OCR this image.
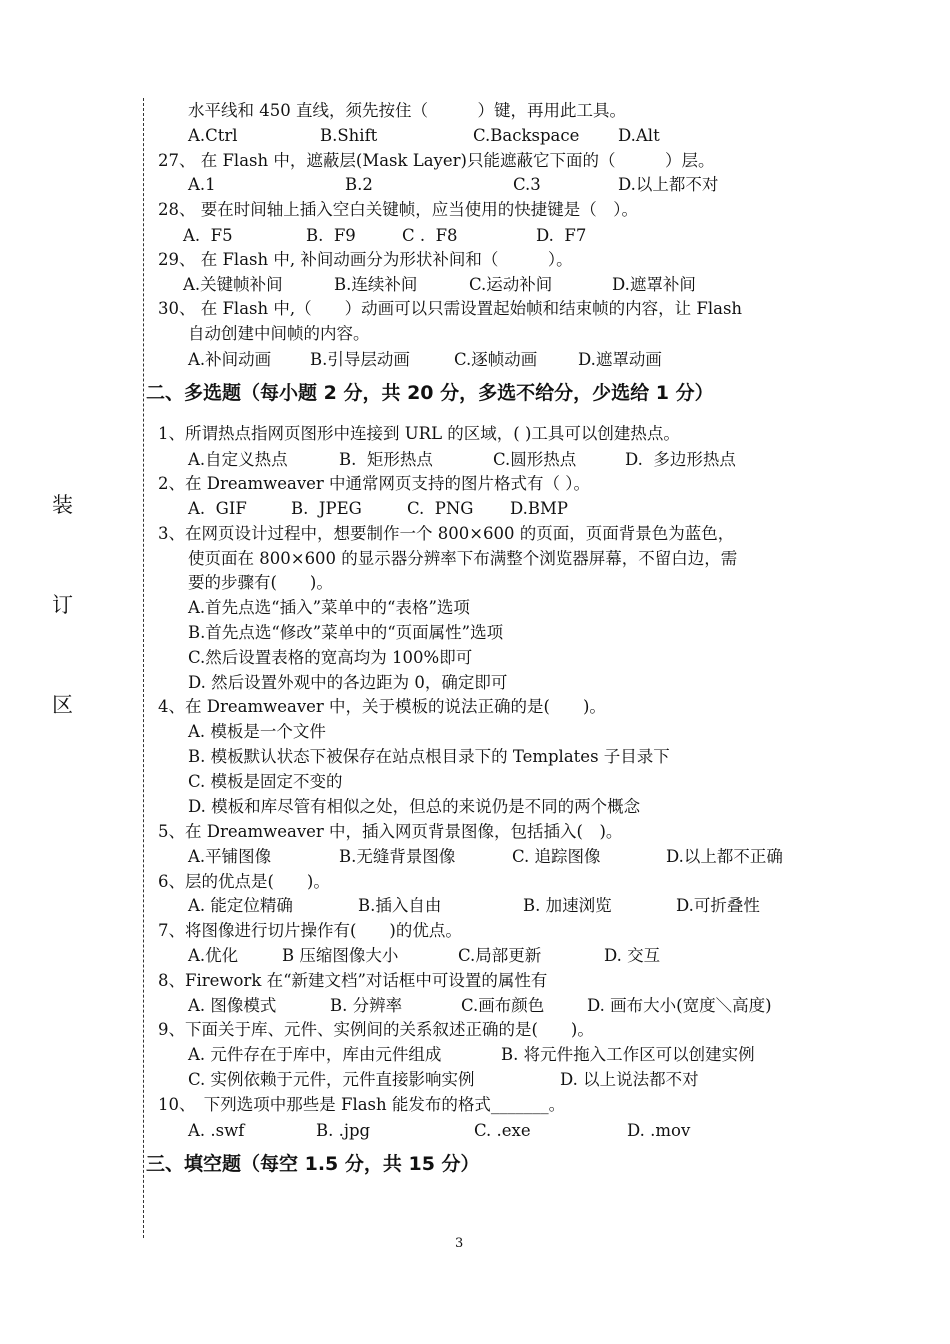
装
订
区
水平线和 450 直线，须先按住（　　　）键，再用此工具。
A.Ctrl	B.Shift	C.Backspace D.Alt
27、 在 Flash 中，遮蔽层(Mask Layer)只能遮蔽它下面的（　　　）层。
A.1	B.2	C.3	D.以上都不对
28、 要在时间轴上插入空白关键帧，应当使用的快捷键是（　）。
A.  F5	B.  F9	C .  F8	D.  F7
29、 在 Flash 中, 补间动画分为形状补间和（　　　）。
A.关键帧补间	B.连续补间	C.运动补间	D.遮罩补间
30、 在 Flash 中,（　　）动画可以只需设置起始帧和结束帧的内容，让 Flash
自动创建中间帧的内容。
A.补间动画 B.引导层动画	C.逐帧动画 D.遮罩动画
二、多选题（每小题 2 分，共 20 分，多选不给分，少选给 1 分）
1、所谓热点指网页图形中连接到 URL 的区域，( )工具可以创建热点。
A.自定义热点	B.  矩形热点	C.圆形热点	D.  多边形热点
2、在 Dreamweaver 中通常网页支持的图片格式有（ ）。
A.  GIF	B.  JPEG	C.  PNG D.BMP
3、在网页设计过程中，想要制作一个 800×600 的页面，页面背景色为蓝色，
使页面在 800×600 的显示器分辨率下布满整个浏览器屏幕，不留白边，需
要的步骤有(　　)。
A.首先点选“插入”菜单中的“表格”选项
B.首先点选“修改”菜单中的“页面属性”选项
C.然后设置表格的宽高均为 100%即可
D. 然后设置外观中的各边距为 0，确定即可
4、在 Dreamweaver 中，关于模板的说法正确的是(　　)。
A. 模板是一个文件
B. 模板默认状态下被保存在站点根目录下的 Templates 子目录下
C. 模板是固定不变的
D. 模板和库尽管有相似之处，但总的来说仍是不同的两个概念
5、在 Dreamweaver 中，插入网页背景图像，包括插入(　)。
A.平铺图像	B.无缝背景图像	C. 追踪图像	D.以上都不正确
6、层的优点是(　　)。
A. 能定位精确	B.插入自由	B. 加速浏览	D.可折叠性
7、将图像进行切片操作有(　　)的优点。
A.优化	B 压缩图像大小	C.局部更新	D. 交互
8、Firework 在“新建文档”对话框中可设置的属性有
A. 图像模式	B. 分辨率	C.画布颜色	D. 画布大小(宽度＼高度)
9、下面关于库、元件、实例间的关系叙述正确的是(　　)。
A. 元件存在于库中，库由元件组成	B. 将元件拖入工作区可以创建实例
C. 实例依赖于元件，元件直接影响实例	D. 以上说法都不对
10、　下列选项中那些是 Flash 能发布的格式_______。
A. .swf	B. .jpg	C. .exe	D. .mov
三、填空题（每空 1.5 分，共 15 分）
3
